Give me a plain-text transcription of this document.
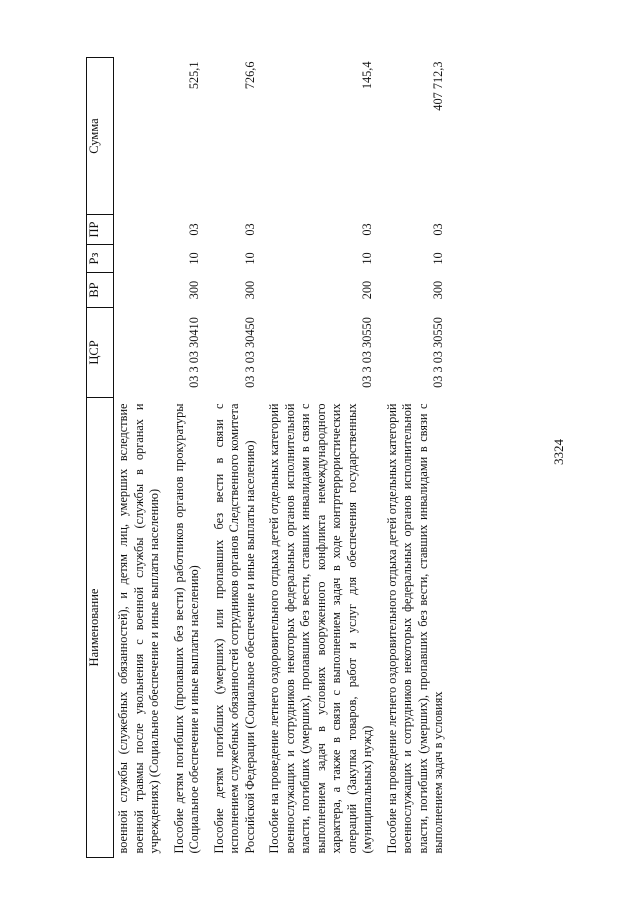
3324
Наименование	ЦСР	ВР	Рз	ПР	Сумма
военной службы (служебных обязанностей), и детям лиц, умерших вследствие военной травмы после увольнения с военной службы (службы в органах и учреждениях) (Социальное обеспечение и иные выплаты населению)					
Пособие детям погибших (пропавших без вести) работников органов прокуратуры (Социальное обеспечение и иные выплаты населению)	03 3 03 30410	300	10	03	525,1
Пособие детям погибших (умерших) или пропавших без вести в связи с исполнением служебных обязанностей сотрудников органов Следственного комитета Российской Федерации (Социальное обеспечение и иные выплаты населению)	03 3 03 30450	300	10	03	726,6
Пособие на проведение летнего оздоровительного отдыха детей отдельных категорий военнослужащих и сотрудников некоторых федеральных органов исполнительной власти, погибших (умерших), пропавших без вести, ставших инвалидами в связи с выполнением задач в условиях вооруженного конфликта немеждународного характера, а также в связи с выполнением задач в ходе контртеррористических операций (Закупка товаров, работ и услуг для обеспечения государственных (муниципальных) нужд)	03 3 03 30550	200	10	03	145,4
Пособие на проведение летнего оздоровительного отдыха детей отдельных категорий военнослужащих и сотрудников некоторых федеральных органов исполнительной власти, погибших (умерших), пропавших без вести, ставших инвалидами в связи с выполнением задач в условиях	03 3 03 30550	300	10	03	407 712,3
